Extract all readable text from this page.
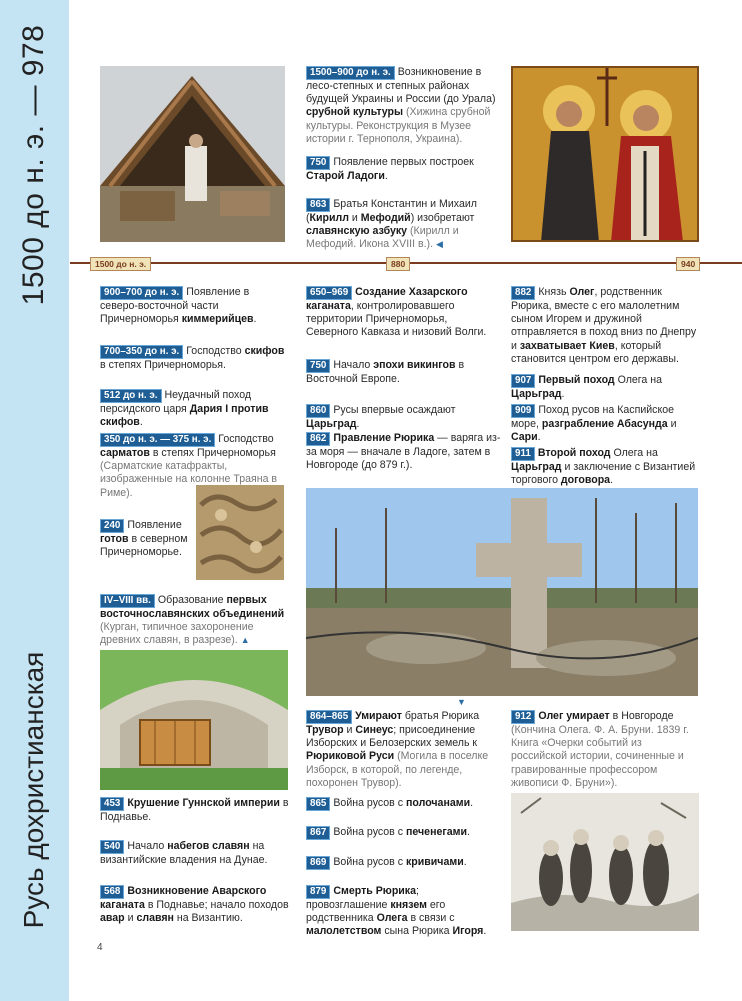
1500 до н. э. — 978
Русь дохристианская
1500–900 до н. э. Возникновение в лесо-степных и степных районах будущей Украины и России (до Урала) срубной культуры (Хижина срубной культуры. Реконструкция в Музее истории г. Тернополя, Украина).
750 Появление первых построек Старой Ладоги.
863 Братья Константин и Михаил (Кирилл и Мефодий) изобретают славянскую азбуку (Кирилл и Мефодий. Икона XVIII в.). ◀
1500 до н. э.	880	940
900–700 до н. э. Появление в северо-восточной части Причерноморья киммерийцев.
700–350 до н. э. Господство скифов в степях Причерноморья.
512 до н. э. Неудачный поход персидского царя Дария I против скифов.
350 до н. э. — 375 н. э. Господство сарматов в степях Причерноморья
(Сарматские катафракты, изображенные на колонне Траяна в Риме).
240 Появление готов в северном Причерноморье.
IV–VIII вв. Образование первых восточнославянских объединений (Курган, типичное захоронение древних славян, в разрезе). ▲
453 Крушение Гуннской империи в Поднавье.
540 Начало набегов славян на византийские владения на Дунае.
568 Возникновение Аварского каганата в Поднавье; начало походов авар и славян на Византию.
650–969 Создание Хазарского каганата, контролировавшего территории Причерноморья, Северного Кавказа и низовий Волги.
750 Начало эпохи викингов в Восточной Европе.
860 Русы впервые осаждают Царьград.
862 Правление Рюрика — варяга из-за моря — вначале в Ладоге, затем в Новгороде (до 879 г.).
▼
864–865 Умирают братья Рюрика Трувор и Синеус; присоединение Изборских и Белозерских земель к Рюриковой Руси (Могила в поселке Изборск, в которой, по легенде, похоронен Трувор).
865 Война русов с полочанами.
867 Война русов с печенегами.
869 Война русов с кривичами.
879 Смерть Рюрика; провозглашение князем его родственника Олега в связи с малолетством сына Рюрика Игоря.
882 Князь Олег, родственник Рюрика, вместе с его малолетним сыном Игорем и дружиной отправляется в поход вниз по Днепру и захватывает Киев, который становится центром его державы.
907 Первый поход Олега на Царьград.
909 Поход русов на Каспийское море, разграбление Абасунда и Сари.
911 Второй поход Олега на Царьград и заключение с Византией торгового договора.
912 Олег умирает в Новгороде
(Кончина Олега. Ф. А. Бруни. 1839 г. Книга «Очерки событий из российской истории, сочиненные и гравированные профессором живописи Ф. Бруни»).
4
